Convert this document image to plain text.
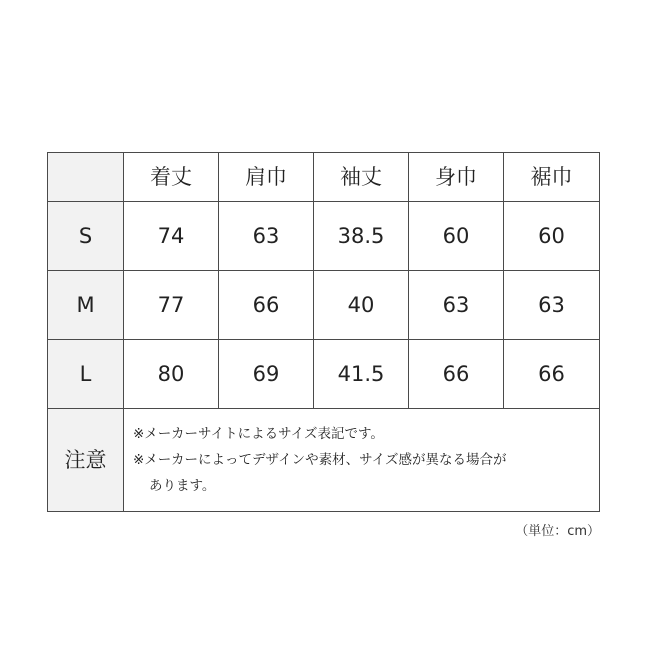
	着丈	肩巾	袖丈	身巾	裾巾
S	74	63	38.5	60	60
M	77	66	40	63	63
L	80	69	41.5	66	66
注意	※メーカーサイトによるサイズ表記です。
※メーカーによってデザインや素材、サイズ感が異なる場合が
あります。				
（単位：cm）
